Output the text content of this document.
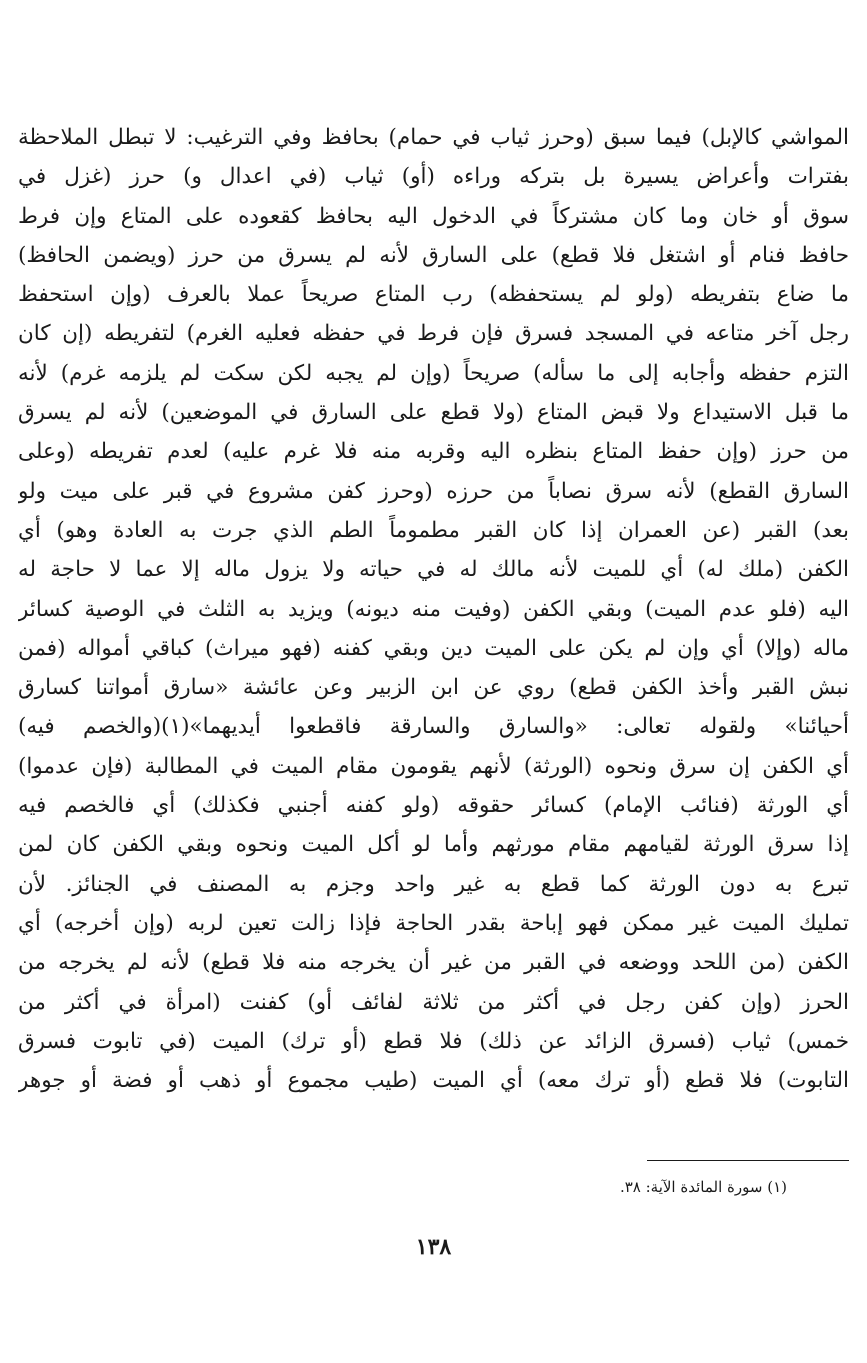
المواشي كالإبل) فيما سبق (وحرز ثياب في حمام) بحافظ وفي الترغيب: لا تبطل الملاحظة
بفترات وأعراض يسيرة بل بتركه وراءه (أو) ثياب (في اعدال و) حرز (غزل في
سوق أو خان وما كان مشتركاً في الدخول اليه بحافظ كقعوده على المتاع وإن فرط
حافظ فنام أو اشتغل فلا قطع) على السارق لأنه لم يسرق من حرز (ويضمن الحافظ)
ما ضاع بتفريطه (ولو لم يستحفظه) رب المتاع صريحاً عملا بالعرف (وإن استحفظ
رجل آخر متاعه في المسجد فسرق فإن فرط في حفظه فعليه الغرم) لتفريطه (إن كان
التزم حفظه وأجابه إلى ما سأله) صريحاً (وإن لم يجبه لكن سكت لم يلزمه غرم) لأنه
ما قبل الاستيداع ولا قبض المتاع (ولا قطع على السارق في الموضعين) لأنه لم يسرق
من حرز (وإن حفظ المتاع بنظره اليه وقربه منه فلا غرم عليه) لعدم تفريطه (وعلى
السارق القطع) لأنه سرق نصاباً من حرزه (وحرز كفن مشروع في قبر على ميت ولو
بعد) القبر (عن العمران إذا كان القبر مطموماً الطم الذي جرت به العادة وهو) أي
الكفن (ملك له) أي للميت لأنه مالك له في حياته ولا يزول ماله إلا عما لا حاجة له
اليه (فلو عدم الميت) وبقي الكفن (وفيت منه ديونه) ويزيد به الثلث في الوصية كسائر
ماله (وإلا) أي وإن لم يكن على الميت دين وبقي كفنه (فهو ميراث) كباقي أمواله (فمن
نبش القبر وأخذ الكفن قطع) روي عن ابن الزبير وعن عائشة «سارق أمواتنا كسارق
أحيائنا» ولقوله تعالى: «والسارق والسارقة فاقطعوا أيديهما»(١)(والخصم فيه)
أي الكفن إن سرق ونحوه (الورثة) لأنهم يقومون مقام الميت في المطالبة (فإن عدموا)
أي الورثة (فنائب الإمام) كسائر حقوقه (ولو كفنه أجنبي فكذلك) أي فالخصم فيه
إذا سرق الورثة لقيامهم مقام مورثهم وأما لو أكل الميت ونحوه وبقي الكفن كان لمن
تبرع به دون الورثة كما قطع به غير واحد وجزم به المصنف في الجنائز. لأن
تمليك الميت غير ممكن فهو إباحة بقدر الحاجة فإذا زالت تعين لربه (وإن أخرجه) أي
الكفن (من اللحد ووضعه في القبر من غير أن يخرجه منه فلا قطع) لأنه لم يخرجه من
الحرز (وإن كفن رجل في أكثر من ثلاثة لفائف أو) كفنت (امرأة في أكثر من
خمس) ثياب (فسرق الزائد عن ذلك) فلا قطع (أو ترك) الميت (في تابوت فسرق
التابوت) فلا قطع (أو ترك معه) أي الميت (طيب مجموع أو ذهب أو فضة أو جوهر
(١) سورة المائدة الآية: ٣٨.
١٣٨
